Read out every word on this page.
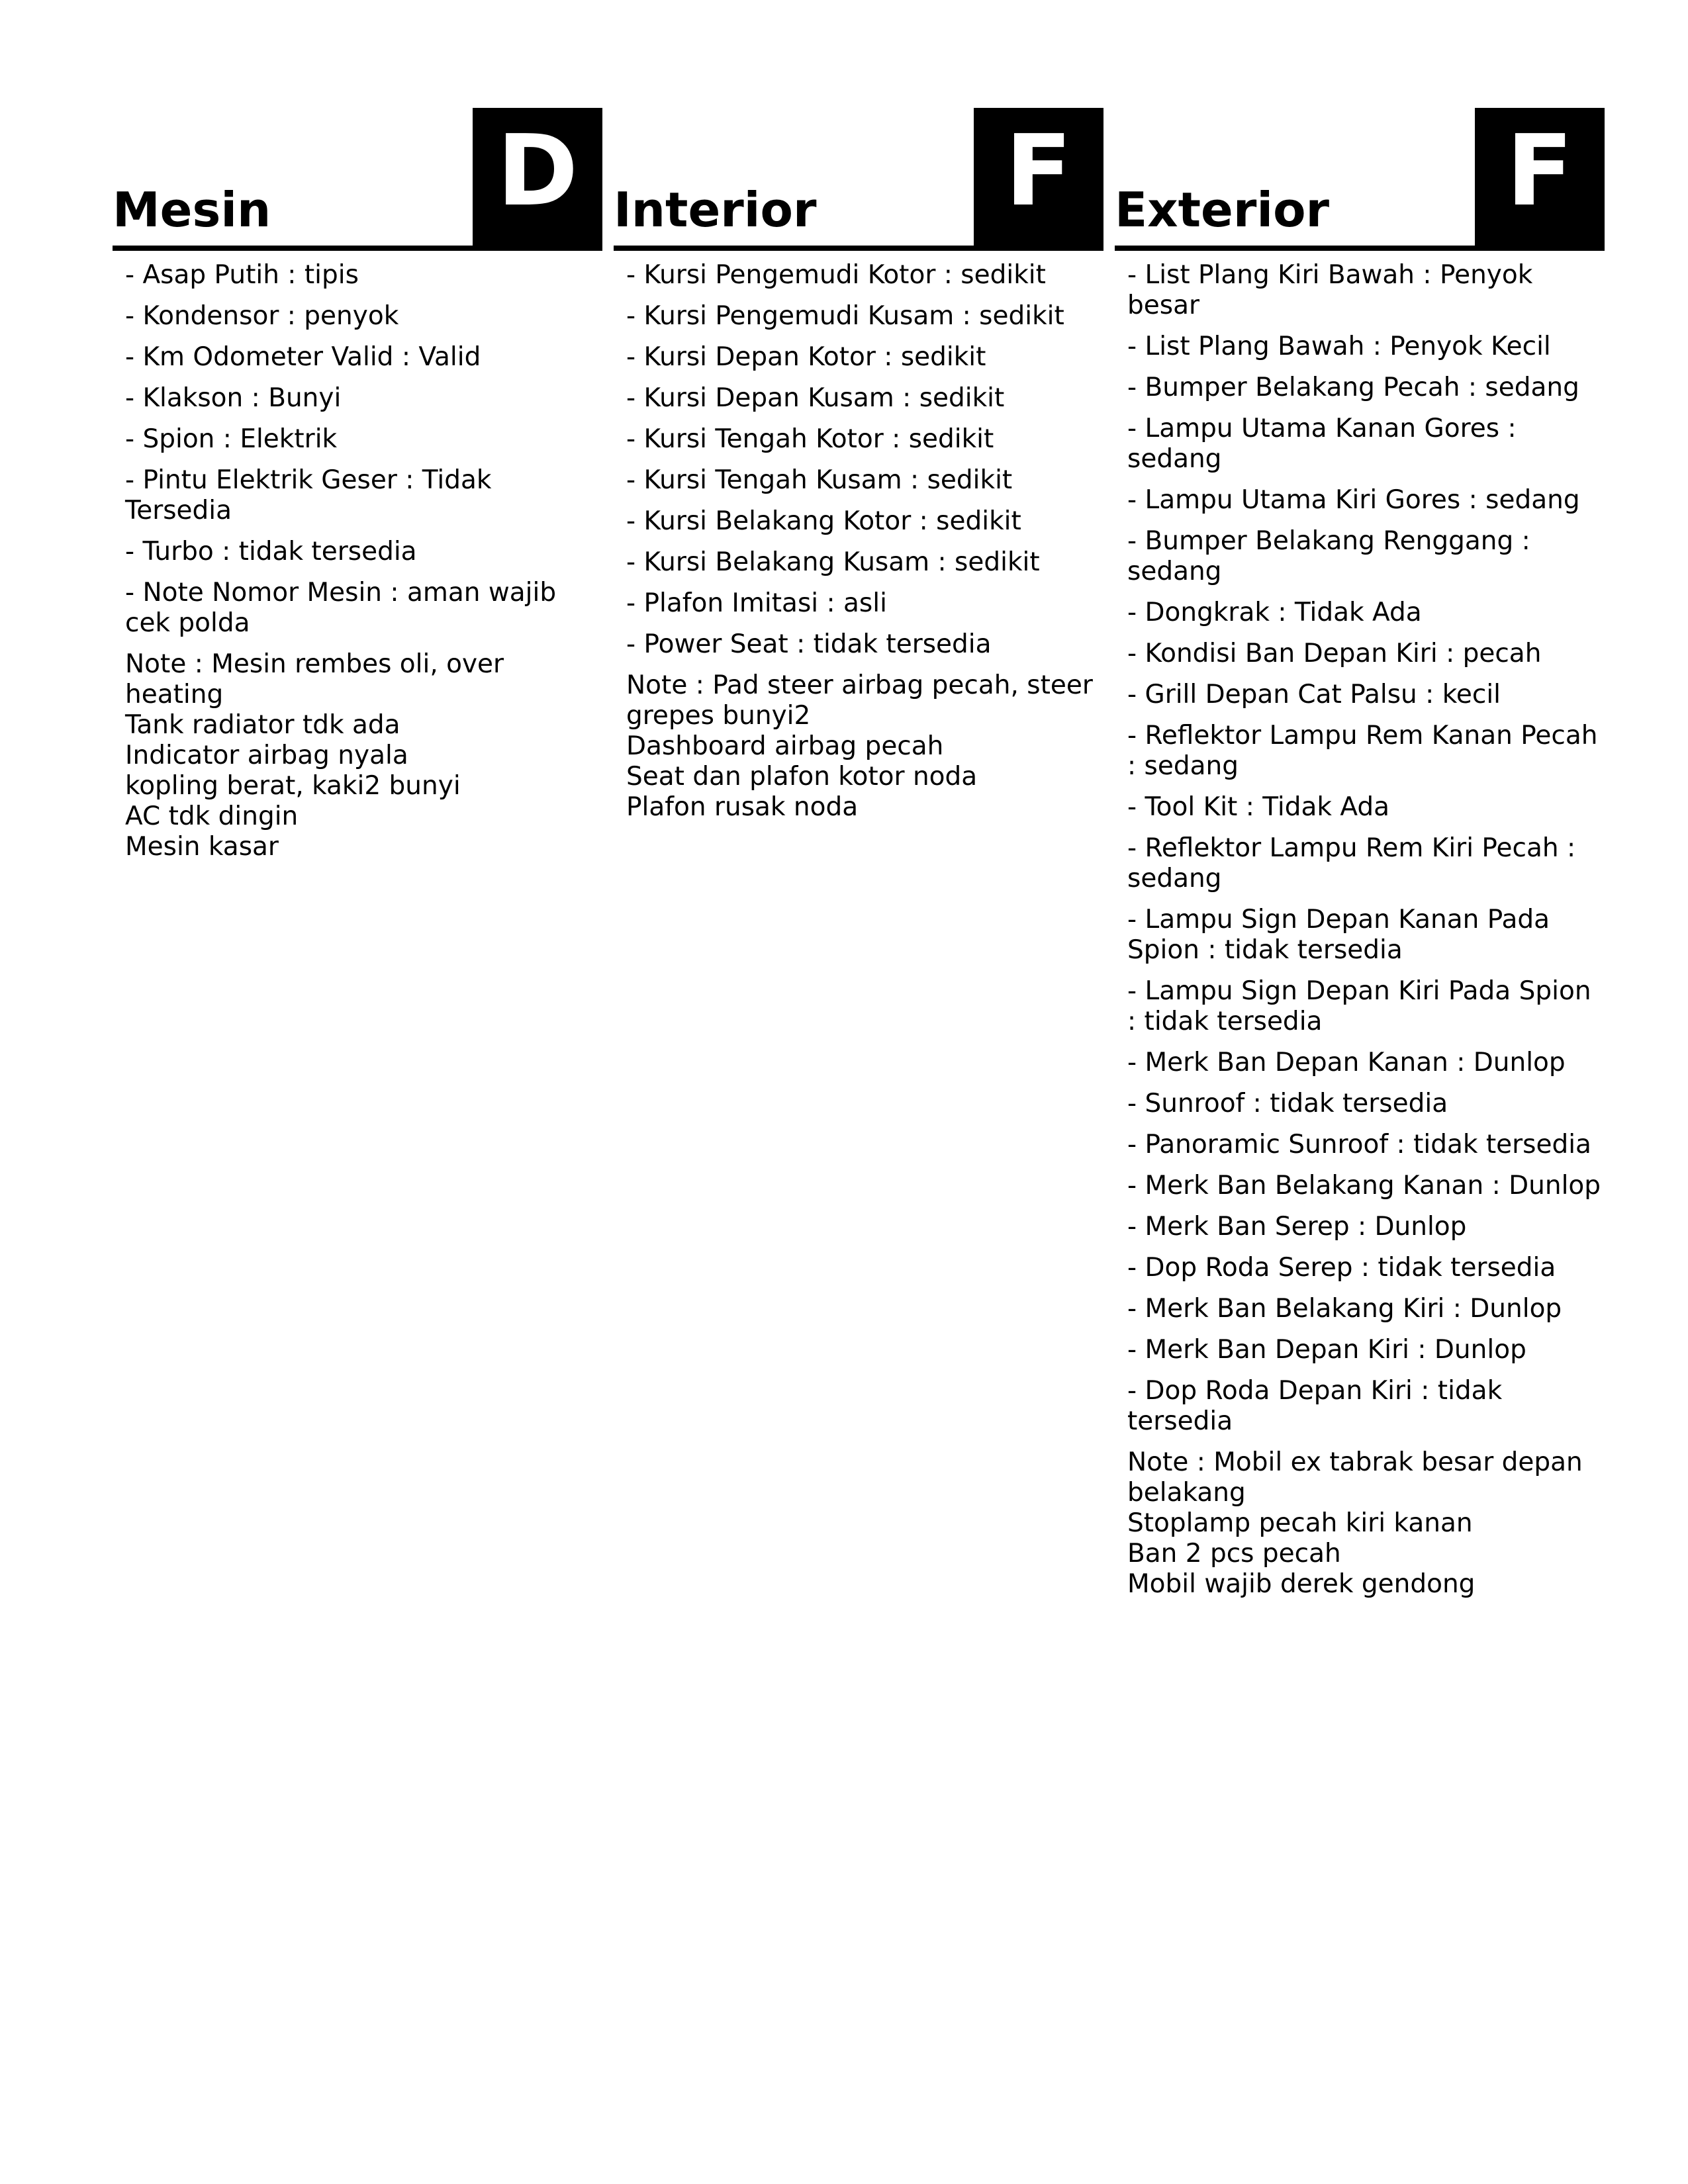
Mesin D
- Asap Putih : tipis
- Kondensor : penyok
- Km Odometer Valid : Valid
- Klakson : Bunyi
- Spion : Elektrik
- Pintu Elektrik Geser : Tidak Tersedia
- Turbo : tidak tersedia
- Note Nomor Mesin : aman wajib cek polda
Note : Mesin rembes oli, over heating
Tank radiator tdk ada
Indicator airbag nyala
kopling berat, kaki2 bunyi
AC tdk dingin
Mesin kasar
Interior	F
- Kursi Pengemudi Kotor : sedikit
- Kursi Pengemudi Kusam : sedikit
- Kursi Depan Kotor : sedikit
- Kursi Depan Kusam : sedikit
- Kursi Tengah Kotor : sedikit
- Kursi Tengah Kusam : sedikit
- Kursi Belakang Kotor : sedikit
- Kursi Belakang Kusam : sedikit
- Plafon Imitasi : asli
- Power Seat : tidak tersedia
Note : Pad steer airbag pecah, steer grepes bunyi2
Dashboard airbag pecah
Seat dan plafon kotor noda
Plafon rusak noda
Exterior	F
- List Plang Kiri Bawah : Penyok besar
- List Plang Bawah : Penyok Kecil
- Bumper Belakang Pecah : sedang
- Lampu Utama Kanan Gores : sedang
- Lampu Utama Kiri Gores : sedang
- Bumper Belakang Renggang : sedang
- Dongkrak : Tidak Ada
- Kondisi Ban Depan Kiri : pecah
- Grill Depan Cat Palsu : kecil
- Reflektor Lampu Rem Kanan Pecah : sedang
- Tool Kit : Tidak Ada
- Reflektor Lampu Rem Kiri Pecah : sedang
- Lampu Sign Depan Kanan Pada Spion : tidak tersedia
- Lampu Sign Depan Kiri Pada Spion : tidak tersedia
- Merk Ban Depan Kanan : Dunlop
- Sunroof : tidak tersedia
- Panoramic Sunroof : tidak tersedia
- Merk Ban Belakang Kanan : Dunlop
- Merk Ban Serep : Dunlop
- Dop Roda Serep : tidak tersedia
- Merk Ban Belakang Kiri : Dunlop
- Merk Ban Depan Kiri : Dunlop
- Dop Roda Depan Kiri : tidak tersedia
Note : Mobil ex tabrak besar depan belakang
Stoplamp pecah kiri kanan
Ban 2 pcs pecah
Mobil wajib derek gendong
